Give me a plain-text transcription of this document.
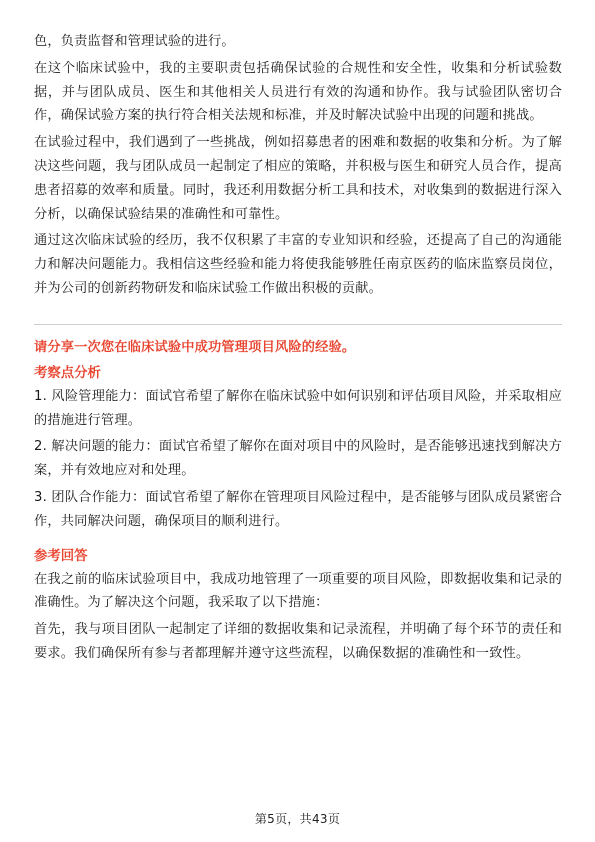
色，负责监督和管理试验的进行。

在这个临床试验中，我的主要职责包括确保试验的合规性和安全性，收集和分析试验数据，并与团队成员、医生和其他相关人员进行有效的沟通和协作。我与试验团队密切合作，确保试验方案的执行符合相关法规和标准，并及时解决试验中出现的问题和挑战。

在试验过程中，我们遇到了一些挑战，例如招募患者的困难和数据的收集和分析。为了解决这些问题，我与团队成员一起制定了相应的策略，并积极与医生和研究人员合作，提高患者招募的效率和质量。同时，我还利用数据分析工具和技术，对收集到的数据进行深入分析，以确保试验结果的准确性和可靠性。

通过这次临床试验的经历，我不仅积累了丰富的专业知识和经验，还提高了自己的沟通能力和解决问题能力。我相信这些经验和能力将使我能够胜任南京医药的临床监察员岗位，并为公司的创新药物研发和临床试验工作做出积极的贡献。

请分享一次您在临床试验中成功管理项目风险的经验。
考察点分析

1. 风险管理能力：面试官希望了解你在临床试验中如何识别和评估项目风险，并采取相应的措施进行管理。

2. 解决问题的能力：面试官希望了解你在面对项目中的风险时，是否能够迅速找到解决方案，并有效地应对和处理。

3. 团队合作能力：面试官希望了解你在管理项目风险过程中，是否能够与团队成员紧密合作，共同解决问题，确保项目的顺利进行。

参考回答

在我之前的临床试验项目中，我成功地管理了一项重要的项目风险，即数据收集和记录的准确性。为了解决这个问题，我采取了以下措施：

首先，我与项目团队一起制定了详细的数据收集和记录流程，并明确了每个环节的责任和要求。我们确保所有参与者都理解并遵守这些流程，以确保数据的准确性和一致性。

第5页，共43页
